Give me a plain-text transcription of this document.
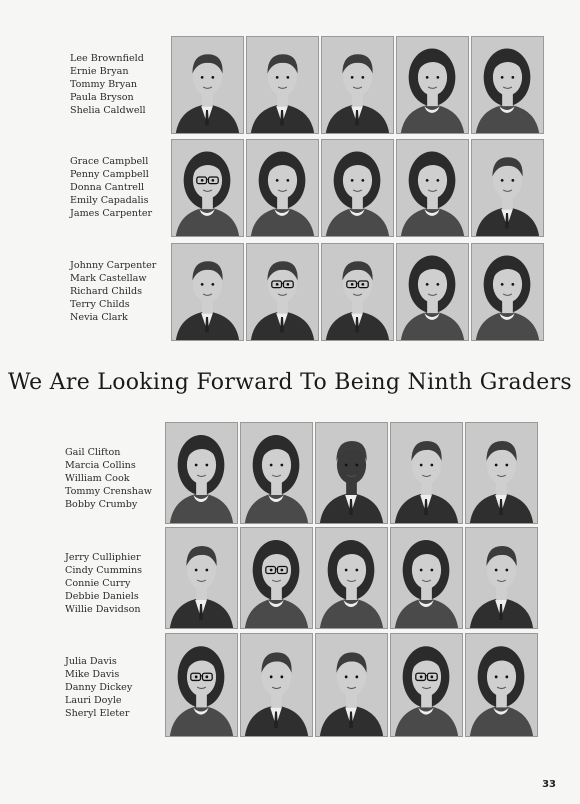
Lee Brownfield
Ernie Bryan
Tommy Bryan
Paula Bryson
Shelia Caldwell
Grace Campbell
Penny Campbell
Donna Cantrell
Emily Capadalis
James Carpenter
Johnny Carpenter
Mark Castellaw
Richard Childs
Terry Childs
Nevia Clark
We Are Looking Forward To Being Ninth Graders
Gail Clifton
Marcia Collins
William Cook
Tommy Crenshaw
Bobby Crumby
Jerry Culliphier
Cindy Cummins
Connie Curry
Debbie Daniels
Willie Davidson
Julia Davis
Mike Davis
Danny Dickey
Lauri Doyle
Sheryl Eleter
33
